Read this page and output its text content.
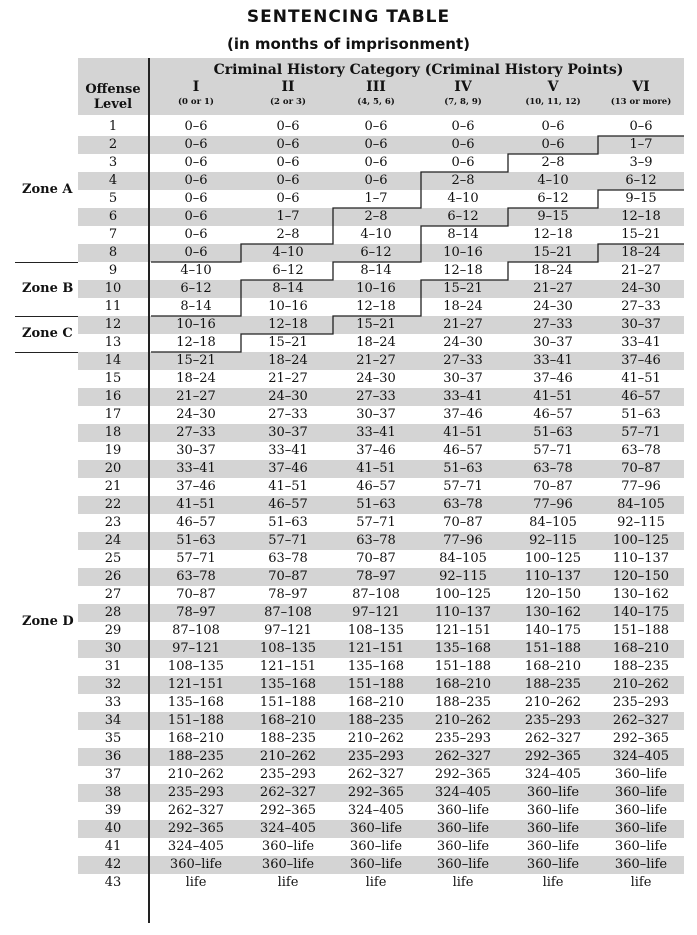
SENTENCING TABLE
(in months of imprisonment)
Zone A
Zone B
Zone C
Zone D
Offense
Level
Criminal History Category (Criminal History Points)
I
(0 or 1)
II
(2 or 3)
III
(4, 5, 6)
IV
(7, 8, 9)
V
(10, 11, 12)
VI
(13 or more)
1	0–6	0–6	0–6	0–6	0–6	0–6
2	0–6	0–6	0–6	0–6	0–6	1–7
3	0–6	0–6	0–6	0–6	2–8	3–9
4	0–6	0–6	0–6	2–8	4–10	6–12
5	0–6	0–6	1–7	4–10	6–12	9–15
6	0–6	1–7	2–8	6–12	9–15	12–18
7	0–6	2–8	4–10	8–14	12–18	15–21
8	0–6	4–10	6–12	10–16	15–21	18–24
9	4–10	6–12	8–14	12–18	18–24	21–27
10	6–12	8–14	10–16	15–21	21–27	24–30
11	8–14	10–16	12–18	18–24	24–30	27–33
12	10–16	12–18	15–21	21–27	27–33	30–37
13	12–18	15–21	18–24	24–30	30–37	33–41
14	15–21	18–24	21–27	27–33	33–41	37–46
15	18–24	21–27	24–30	30–37	37–46	41–51
16	21–27	24–30	27–33	33–41	41–51	46–57
17	24–30	27–33	30–37	37–46	46–57	51–63
18	27–33	30–37	33–41	41–51	51–63	57–71
19	30–37	33–41	37–46	46–57	57–71	63–78
20	33–41	37–46	41–51	51–63	63–78	70–87
21	37–46	41–51	46–57	57–71	70–87	77–96
22	41–51	46–57	51–63	63–78	77–96	84–105
23	46–57	51–63	57–71	70–87	84–105	92–115
24	51–63	57–71	63–78	77–96	92–115	100–125
25	57–71	63–78	70–87	84–105	100–125	110–137
26	63–78	70–87	78–97	92–115	110–137	120–150
27	70–87	78–97	87–108	100–125	120–150	130–162
28	78–97	87–108	97–121	110–137	130–162	140–175
29	87–108	97–121	108–135	121–151	140–175	151–188
30	97–121	108–135	121–151	135–168	151–188	168–210
31	108–135	121–151	135–168	151–188	168–210	188–235
32	121–151	135–168	151–188	168–210	188–235	210–262
33	135–168	151–188	168–210	188–235	210–262	235–293
34	151–188	168–210	188–235	210–262	235–293	262–327
35	168–210	188–235	210–262	235–293	262–327	292–365
36	188–235	210–262	235–293	262–327	292–365	324–405
37	210–262	235–293	262–327	292–365	324–405	360–life
38	235–293	262–327	292–365	324–405	360–life	360–life
39	262–327	292–365	324–405	360–life	360–life	360–life
40	292–365	324–405	360–life	360–life	360–life	360–life
41	324–405	360–life	360–life	360–life	360–life	360–life
42	360–life	360–life	360–life	360–life	360–life	360–life
43	life	life	life	life	life	life
